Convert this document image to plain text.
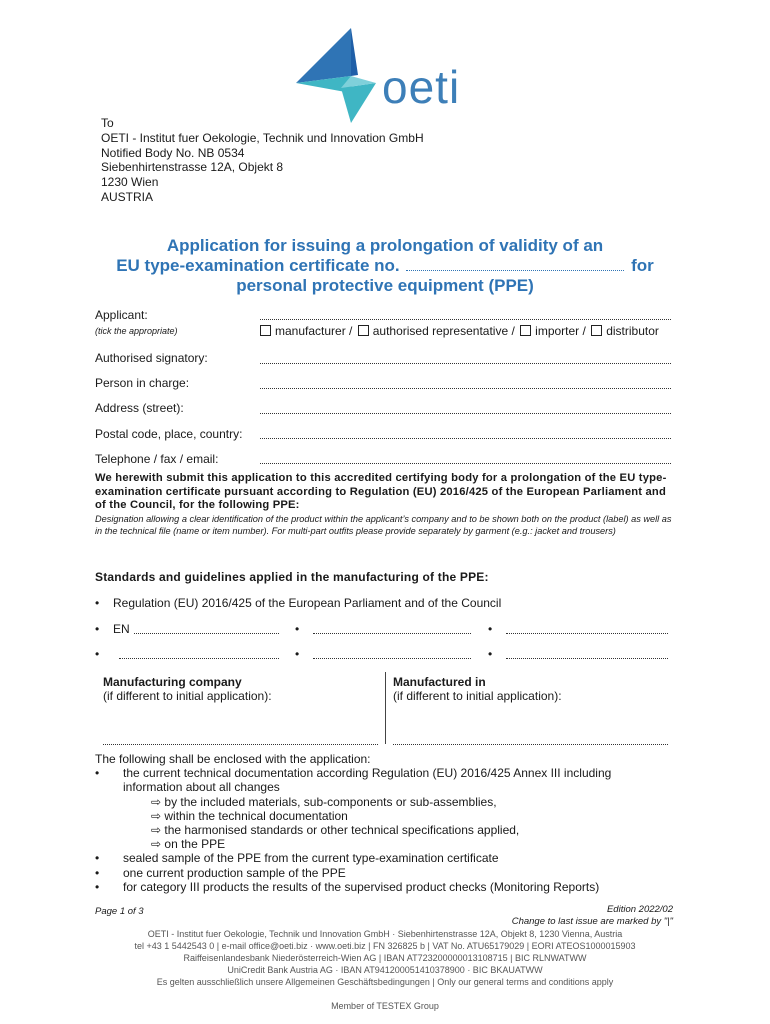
oeti
To
OETI - Institut fuer Oekologie, Technik und Innovation GmbH
Notified Body No. NB 0534
Siebenhirtenstrasse 12A, Objekt 8
1230 Wien
AUSTRIA
Application for issuing a prolongation of validity of an
EU type-examination certificate no.	for
personal protective equipment (PPE)
Applicant:
(tick the appropriate)	manufacturer / authorised representative / importer / distributor
Authorised signatory:
Person in charge:
Address (street):
Postal code, place, country:
Telephone / fax / email:
We herewith submit this application to this accredited certifying body for a prolongation of the EU type-examination certificate pursuant according to Regulation (EU) 2016/425 of the European Parliament and of the Council, for the following PPE:
Designation allowing a clear identification of the product within the applicant’s company and to be shown both on the product (label) as well as in the technical file (name or item number). For multi-part outfits please provide separately by garment (e.g.: jacket and trousers)
Standards and guidelines applied in the manufacturing of the PPE:
• Regulation (EU) 2016/425 of the European Parliament and of the Council
• EN	•	•
•	•	•
Manufacturing company
(if different to initial application):
Manufactured in
(if different to initial application):
The following shall be enclosed with the application:
• the current technical documentation according Regulation (EU) 2016/425 Annex III including
information about all changes
⇨ by the included materials, sub-components or sub-assemblies,
⇨ within the technical documentation
⇨ the harmonised standards or other technical specifications applied,
⇨ on the PPE
• sealed sample of the PPE from the current type-examination certificate
• one current production sample of the PPE
• for category III products the results of the supervised product checks (Monitoring Reports)
Page 1 of 3	Edition 2022/02
Change to last issue are marked by "|"
OETI - Institut fuer Oekologie, Technik und Innovation GmbH · Siebenhirtenstrasse 12A, Objekt 8, 1230 Vienna, Austria
tel +43 1 5442543 0 | e-mail office@oeti.biz · www.oeti.biz | FN 326825 b | VAT No. ATU65179029 | EORI ATEOS1000015903
Raiffeisenlandesbank Niederösterreich-Wien AG | IBAN AT723200000013108715 | BIC RLNWATWW
UniCredit Bank Austria AG · IBAN AT941200051410378900 · BIC BKAUATWW
Es gelten ausschließlich unsere Allgemeinen Geschäftsbedingungen | Only our general terms and conditions apply
Member of TESTEX Group
